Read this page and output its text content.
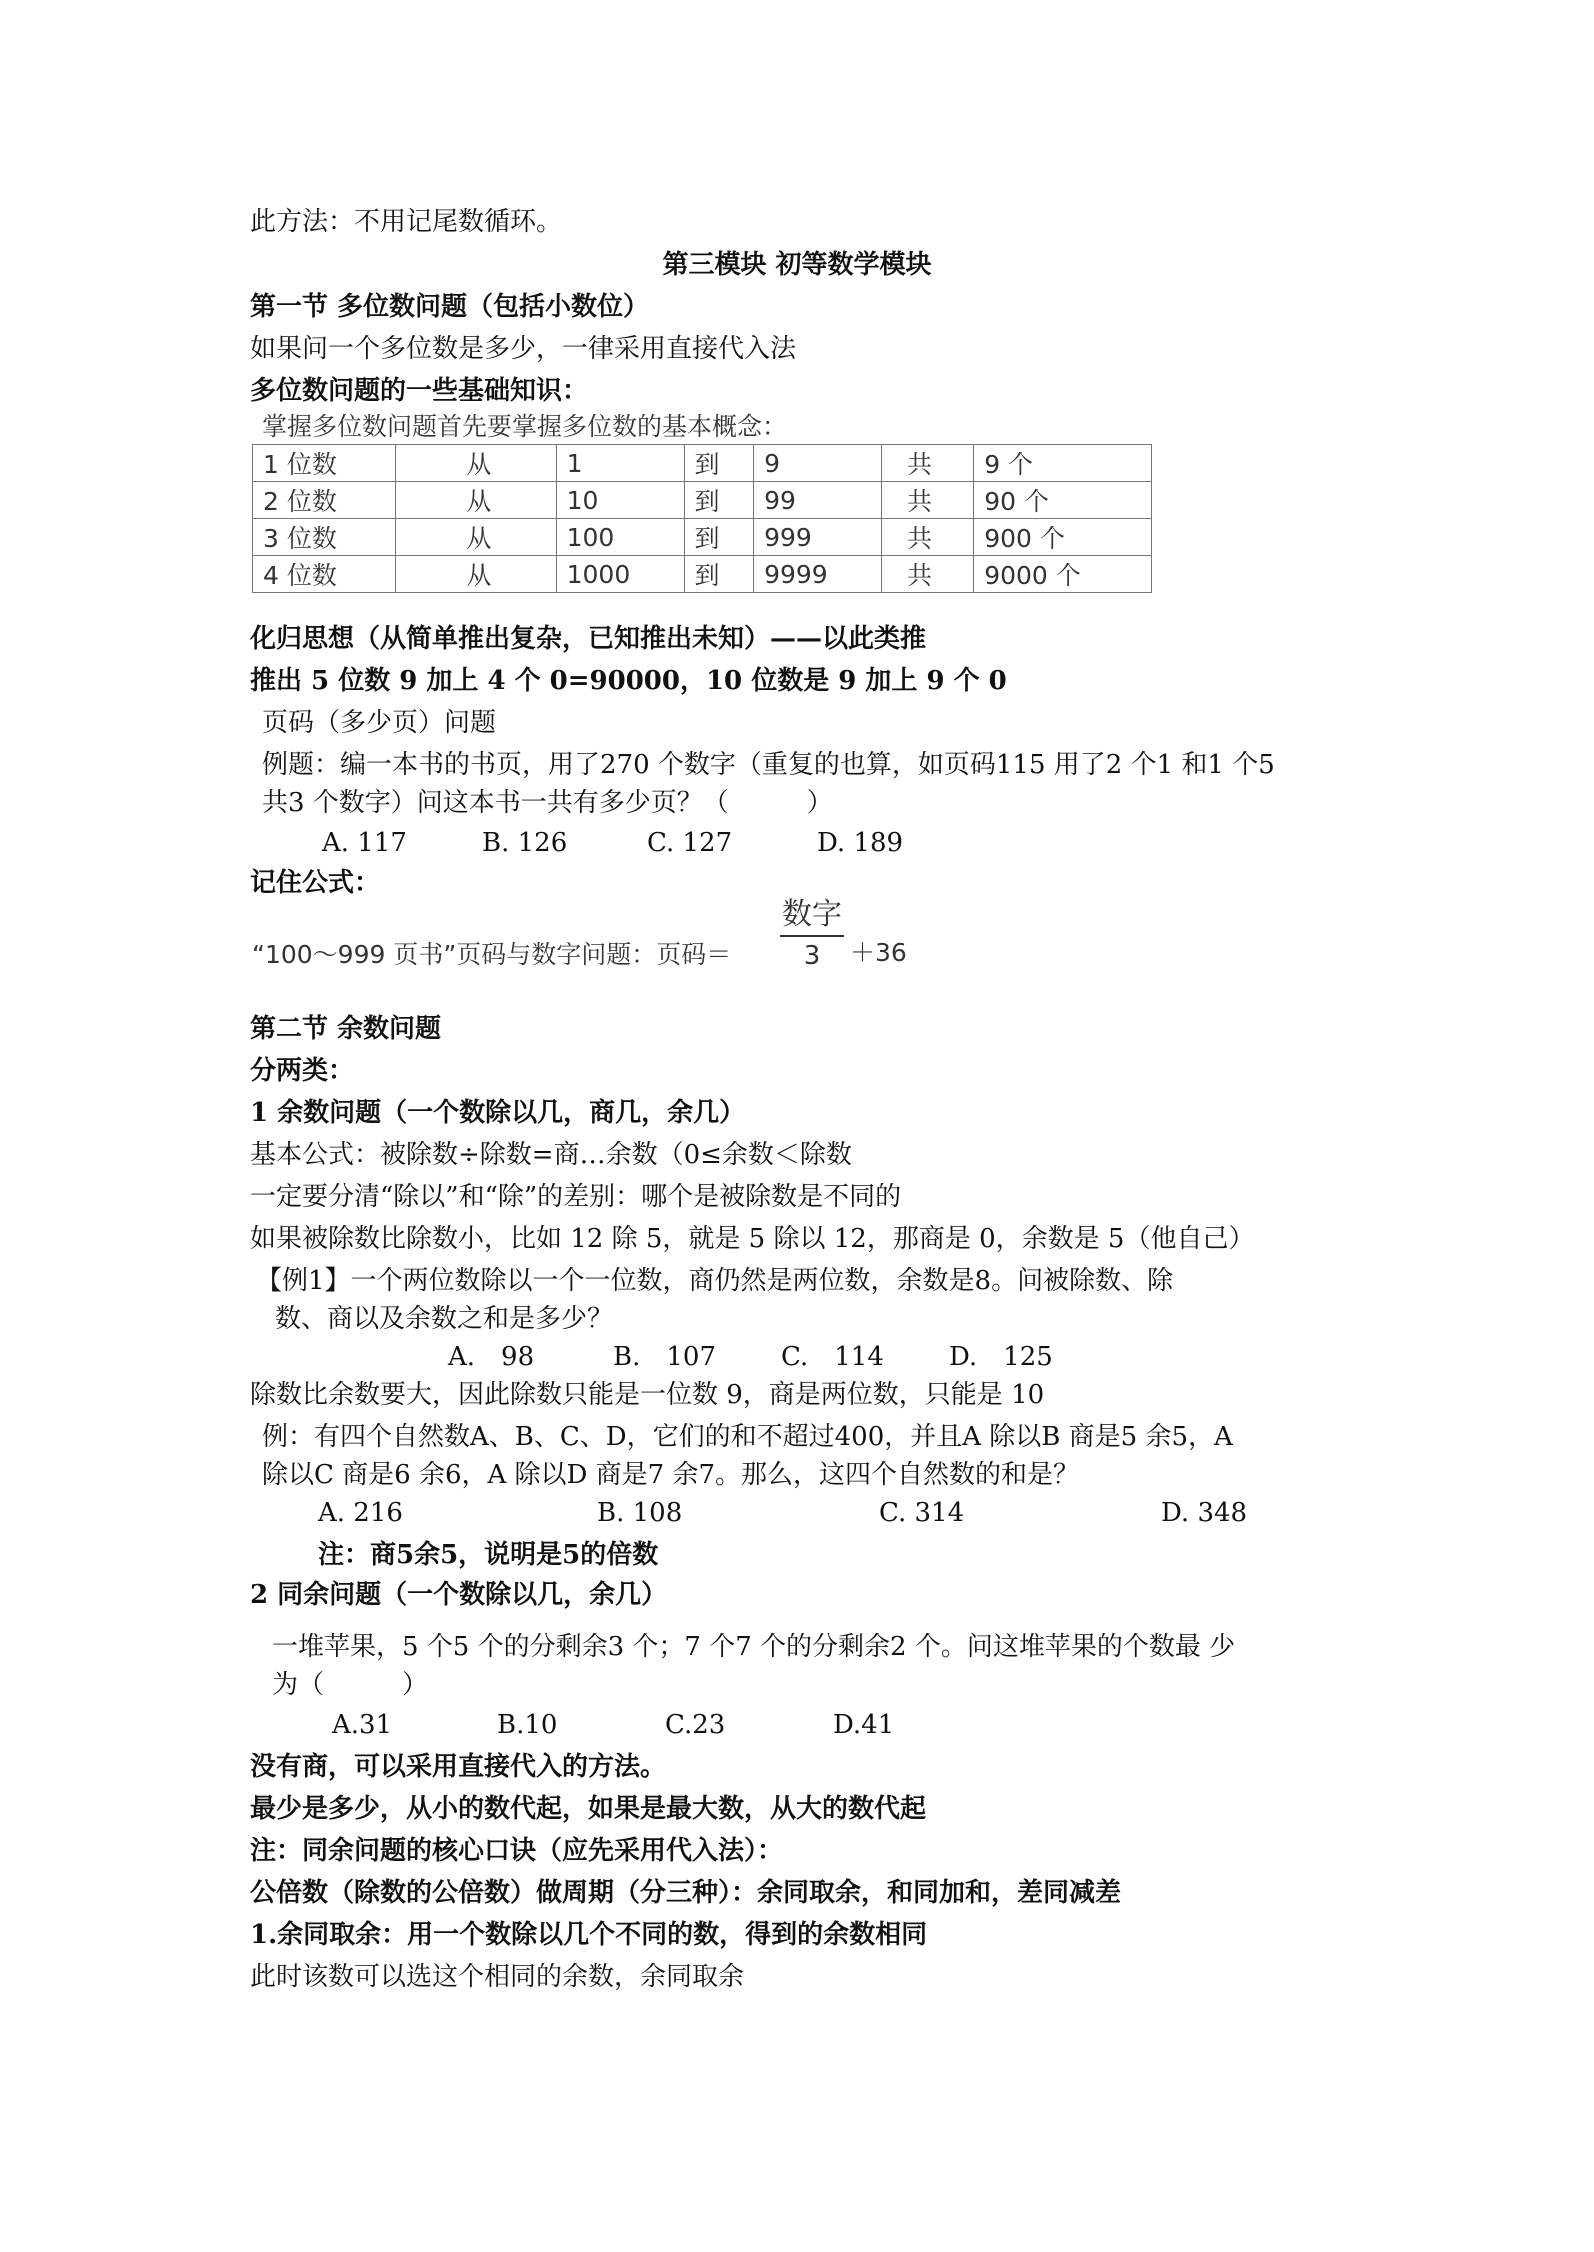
此方法：不用记尾数循环。
第三模块 初等数学模块
第一节 多位数问题（包括小数位）
如果问一个多位数是多少，一律采用直接代入法
多位数问题的一些基础知识：
掌握多位数问题首先要掌握多位数的基本概念：
1 位数	从	1	到	9	共	9 个
2 位数	从	10	到	99	共	90 个
3 位数	从	100	到	999	共	900 个
4 位数	从	1000	到	9999	共	9000 个
化归思想（从简单推出复杂，已知推出未知）——以此类推
推出 5 位数 9 加上 4 个 0=90000，10 位数是 9 加上 9 个 0
页码（多少页）问题
例题：编一本书的书页，用了270 个数字（重复的也算，如页码115 用了2 个1 和1 个5
共3 个数字）问这本书一共有多少页？（　　　）
A. 117	B. 126	C. 127	D. 189
记住公式：
“100～999 页书”页码与数字问题：页码＝
数字
3	＋36
第二节 余数问题
分两类：
1 余数问题（一个数除以几，商几，余几）
基本公式：被除数÷除数=商…余数（0≤余数＜除数
一定要分清“除以”和“除”的差别：哪个是被除数是不同的
如果被除数比除数小，比如 12 除 5，就是 5 除以 12，那商是 0，余数是 5（他自己）
【例1】一个两位数除以一个一位数，商仍然是两位数，余数是8。问被除数、除
数、商以及余数之和是多少？
A.　98	B.　107	C.　114	D.　125
除数比余数要大，因此除数只能是一位数 9，商是两位数，只能是 10
例：有四个自然数A、B、C、D，它们的和不超过400，并且A 除以B 商是5 余5，A
除以C 商是6 余6，A 除以D 商是7 余7。那么，这四个自然数的和是？
A. 216	B. 108	C. 314	D. 348
注：商5余5，说明是5的倍数
2 同余问题（一个数除以几，余几）
一堆苹果，5 个5 个的分剩余3 个；7 个7 个的分剩余2 个。问这堆苹果的个数最 少
为（　　　）
A.31	B.10	C.23	D.41
没有商，可以采用直接代入的方法。
最少是多少，从小的数代起，如果是最大数，从大的数代起
注：同余问题的核心口诀（应先采用代入法）：
公倍数（除数的公倍数）做周期（分三种）：余同取余，和同加和，差同减差
1.余同取余：用一个数除以几个不同的数，得到的余数相同
此时该数可以选这个相同的余数，余同取余
